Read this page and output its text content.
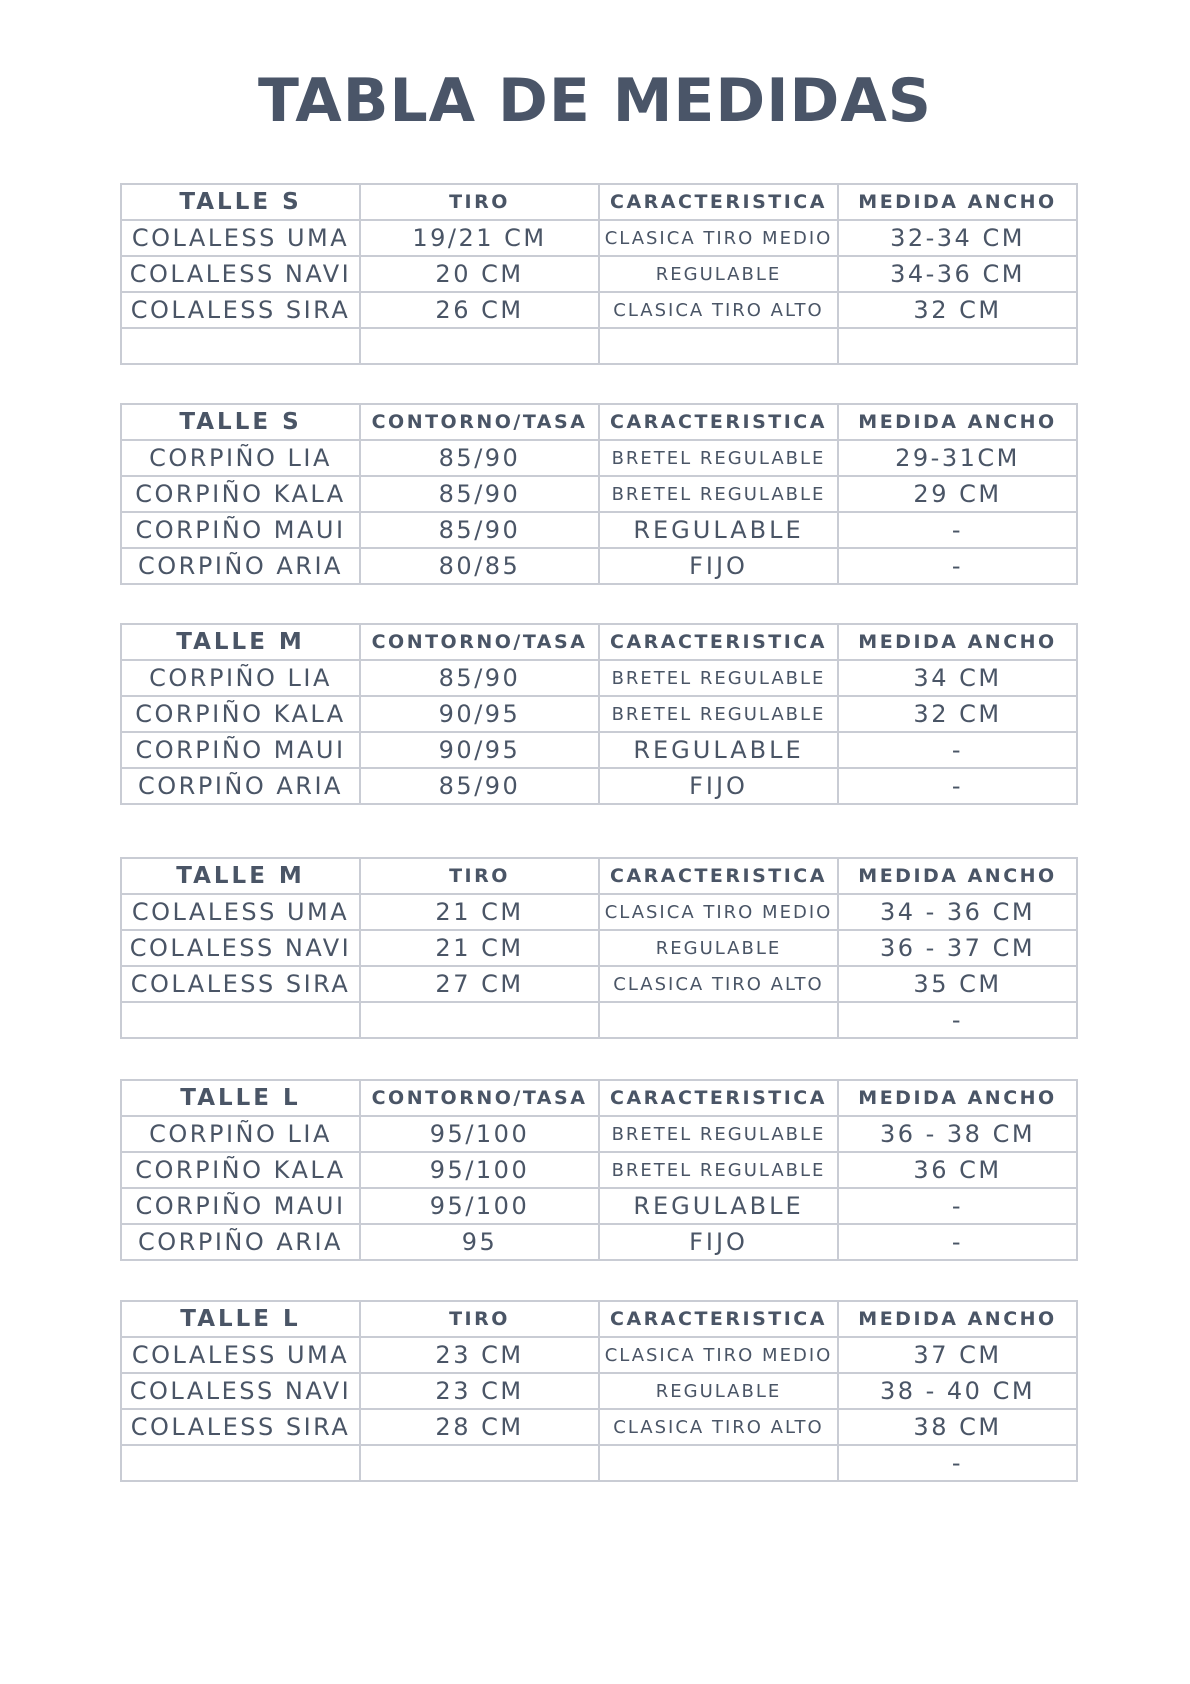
TABLA DE MEDIDAS
TALLE S	TIRO	CARACTERISTICA	MEDIDA ANCHO
COLALESS UMA	19/21 CM	CLASICA TIRO MEDIO	32-34 CM
COLALESS NAVI	20 CM	REGULABLE	34-36 CM
COLALESS SIRA	26 CM	CLASICA TIRO ALTO	32 CM

TALLE S	CONTORNO/TASA	CARACTERISTICA	MEDIDA ANCHO
CORPIÑO LIA	85/90	BRETEL REGULABLE	29-31CM
CORPIÑO KALA	85/90	BRETEL REGULABLE	29 CM
CORPIÑO MAUI	85/90	REGULABLE	-
CORPIÑO ARIA	80/85	FIJO	-
TALLE M	CONTORNO/TASA	CARACTERISTICA	MEDIDA ANCHO
CORPIÑO LIA	85/90	BRETEL REGULABLE	34 CM
CORPIÑO KALA	90/95	BRETEL REGULABLE	32 CM
CORPIÑO MAUI	90/95	REGULABLE	-
CORPIÑO ARIA	85/90	FIJO	-
TALLE M	TIRO	CARACTERISTICA	MEDIDA ANCHO
COLALESS UMA	21 CM	CLASICA TIRO MEDIO	34 - 36 CM
COLALESS NAVI	21 CM	REGULABLE	36 - 37 CM
COLALESS SIRA	27 CM	CLASICA TIRO ALTO	35 CM
			-
TALLE L	CONTORNO/TASA	CARACTERISTICA	MEDIDA ANCHO
CORPIÑO LIA	95/100	BRETEL REGULABLE	36 - 38 CM
CORPIÑO KALA	95/100	BRETEL REGULABLE	36 CM
CORPIÑO MAUI	95/100	REGULABLE	-
CORPIÑO ARIA	95	FIJO	-
TALLE L	TIRO	CARACTERISTICA	MEDIDA ANCHO
COLALESS UMA	23 CM	CLASICA TIRO MEDIO	37 CM
COLALESS NAVI	23 CM	REGULABLE	38 - 40 CM
COLALESS SIRA	28 CM	CLASICA TIRO ALTO	38 CM
			-
